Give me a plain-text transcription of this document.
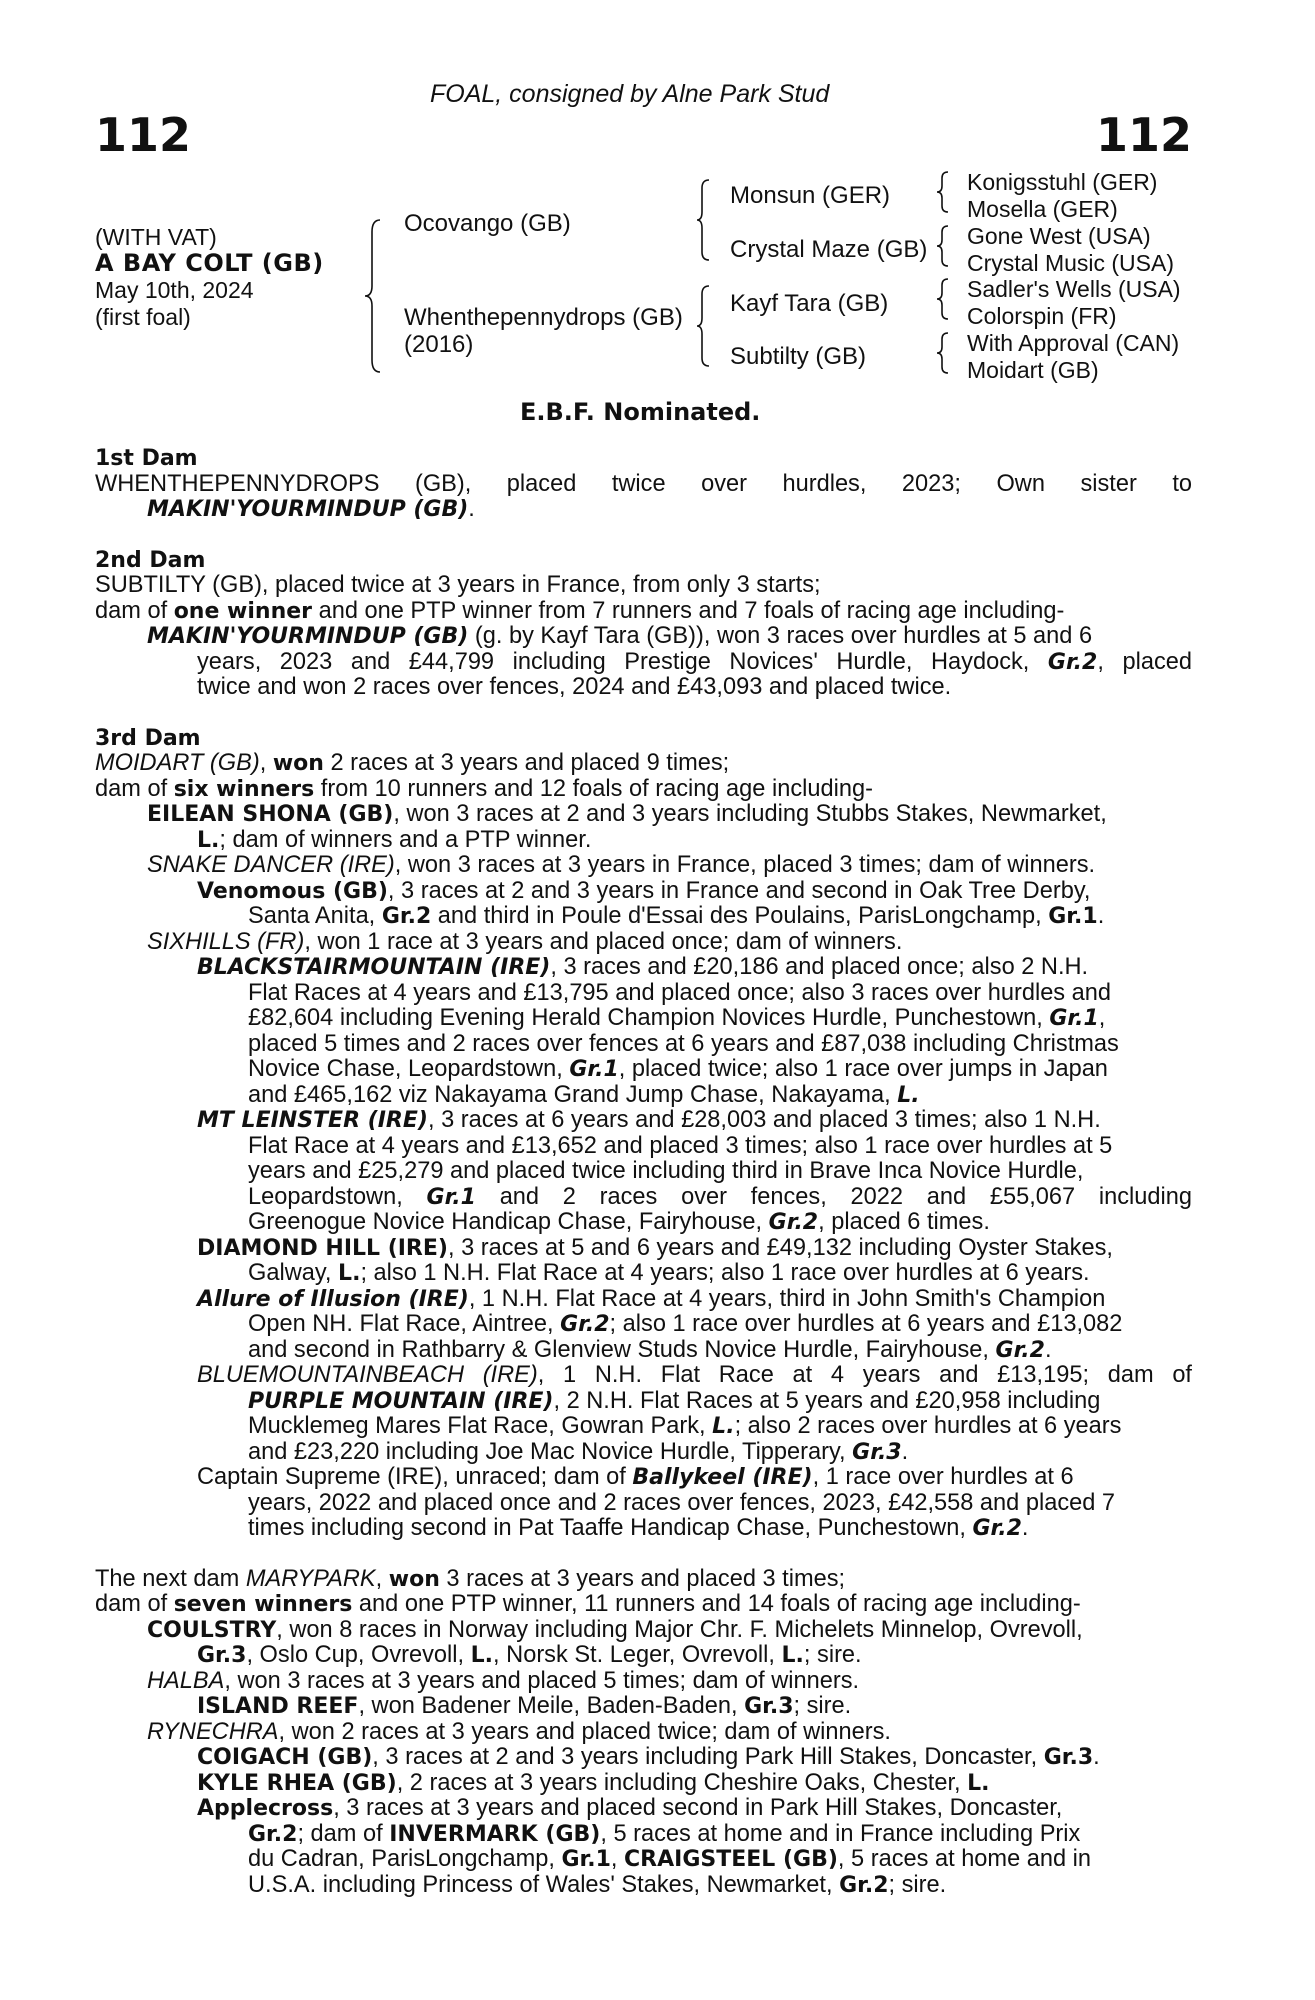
FOAL, consigned by Alne Park Stud
112	112
(WITH VAT)
A BAY COLT (GB)
May 10th, 2024
(first foal)
Ocovango (GB)
Whenthepennydrops (GB)
(2016)
Monsun (GER)
Crystal Maze (GB)
Kayf Tara (GB)
Subtilty (GB)
Konigsstuhl (GER)
Mosella (GER)
Gone West (USA)
Crystal Music (USA)
Sadler's Wells (USA)
Colorspin (FR)
With Approval (CAN)
Moidart (GB)
E.B.F. Nominated.
1st Dam
WHENTHEPENNYDROPS (GB), placed twice over hurdles, 2023; Own sister to
MAKIN'YOURMINDUP (GB).
2nd Dam
SUBTILTY (GB), placed twice at 3 years in France, from only 3 starts;
dam of one winner and one PTP winner from 7 runners and 7 foals of racing age including-
MAKIN'YOURMINDUP (GB) (g. by Kayf Tara (GB)), won 3 races over hurdles at 5 and 6
years, 2023 and £44,799 including Prestige Novices' Hurdle, Haydock, Gr.2, placed
twice and won 2 races over fences, 2024 and £43,093 and placed twice.
3rd Dam
MOIDART (GB), won 2 races at 3 years and placed 9 times;
dam of six winners from 10 runners and 12 foals of racing age including-
EILEAN SHONA (GB), won 3 races at 2 and 3 years including Stubbs Stakes, Newmarket,
L.; dam of winners and a PTP winner.
SNAKE DANCER (IRE), won 3 races at 3 years in France, placed 3 times; dam of winners.
Venomous (GB), 3 races at 2 and 3 years in France and second in Oak Tree Derby,
Santa Anita, Gr.2 and third in Poule d'Essai des Poulains, ParisLongchamp, Gr.1.
SIXHILLS (FR), won 1 race at 3 years and placed once; dam of winners.
BLACKSTAIRMOUNTAIN (IRE), 3 races and £20,186 and placed once; also 2 N.H.
Flat Races at 4 years and £13,795 and placed once; also 3 races over hurdles and
£82,604 including Evening Herald Champion Novices Hurdle, Punchestown, Gr.1,
placed 5 times and 2 races over fences at 6 years and £87,038 including Christmas
Novice Chase, Leopardstown, Gr.1, placed twice; also 1 race over jumps in Japan
and £465,162 viz Nakayama Grand Jump Chase, Nakayama, L.
MT LEINSTER (IRE), 3 races at 6 years and £28,003 and placed 3 times; also 1 N.H.
Flat Race at 4 years and £13,652 and placed 3 times; also 1 race over hurdles at 5
years and £25,279 and placed twice including third in Brave Inca Novice Hurdle,
Leopardstown, Gr.1 and 2 races over fences, 2022 and £55,067 including
Greenogue Novice Handicap Chase, Fairyhouse, Gr.2, placed 6 times.
DIAMOND HILL (IRE), 3 races at 5 and 6 years and £49,132 including Oyster Stakes,
Galway, L.; also 1 N.H. Flat Race at 4 years; also 1 race over hurdles at 6 years.
Allure of Illusion (IRE), 1 N.H. Flat Race at 4 years, third in John Smith's Champion
Open NH. Flat Race, Aintree, Gr.2; also 1 race over hurdles at 6 years and £13,082
and second in Rathbarry & Glenview Studs Novice Hurdle, Fairyhouse, Gr.2.
BLUEMOUNTAINBEACH (IRE), 1 N.H. Flat Race at 4 years and £13,195; dam of
PURPLE MOUNTAIN (IRE), 2 N.H. Flat Races at 5 years and £20,958 including
Mucklemeg Mares Flat Race, Gowran Park, L.; also 2 races over hurdles at 6 years
and £23,220 including Joe Mac Novice Hurdle, Tipperary, Gr.3.
Captain Supreme (IRE), unraced; dam of Ballykeel (IRE), 1 race over hurdles at 6
years, 2022 and placed once and 2 races over fences, 2023, £42,558 and placed 7
times including second in Pat Taaffe Handicap Chase, Punchestown, Gr.2.
The next dam MARYPARK, won 3 races at 3 years and placed 3 times;
dam of seven winners and one PTP winner, 11 runners and 14 foals of racing age including-
COULSTRY, won 8 races in Norway including Major Chr. F. Michelets Minnelop, Ovrevoll,
Gr.3, Oslo Cup, Ovrevoll, L., Norsk St. Leger, Ovrevoll, L.; sire.
HALBA, won 3 races at 3 years and placed 5 times; dam of winners.
ISLAND REEF, won Badener Meile, Baden-Baden, Gr.3; sire.
RYNECHRA, won 2 races at 3 years and placed twice; dam of winners.
COIGACH (GB), 3 races at 2 and 3 years including Park Hill Stakes, Doncaster, Gr.3.
KYLE RHEA (GB), 2 races at 3 years including Cheshire Oaks, Chester, L.
Applecross, 3 races at 3 years and placed second in Park Hill Stakes, Doncaster,
Gr.2; dam of INVERMARK (GB), 5 races at home and in France including Prix
du Cadran, ParisLongchamp, Gr.1, CRAIGSTEEL (GB), 5 races at home and in
U.S.A. including Princess of Wales' Stakes, Newmarket, Gr.2; sire.
